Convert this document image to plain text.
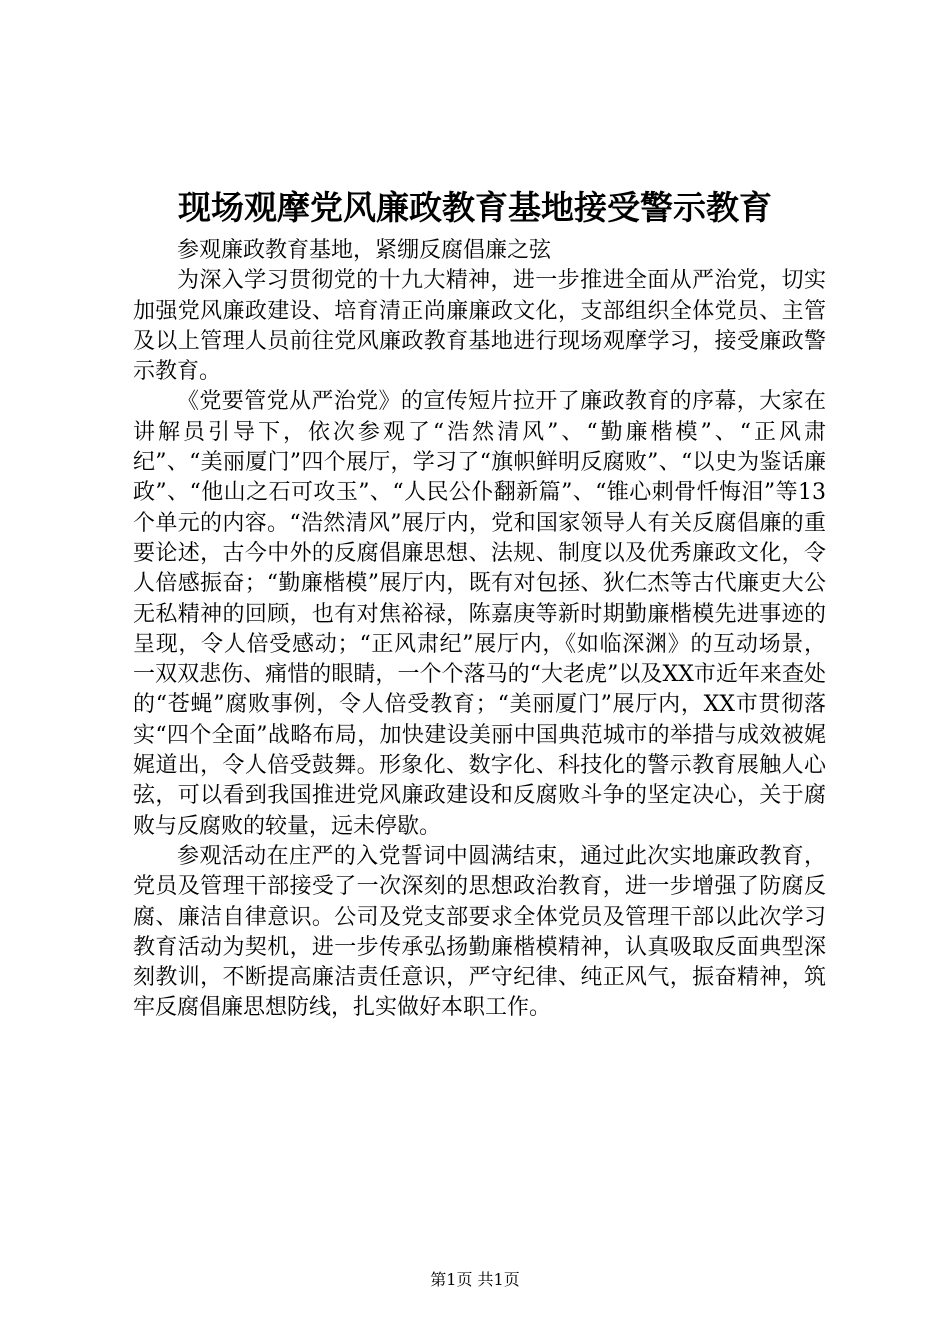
现场观摩党风廉政教育基地接受警示教育

参观廉政教育基地，紧绷反腐倡廉之弦

为深入学习贯彻党的十九大精神，进一步推进全面从严治党，切实加强党风廉政建设、培育清正尚廉廉政文化，支部组织全体党员、主管及以上管理人员前往党风廉政教育基地进行现场观摩学习，接受廉政警示教育。

《党要管党从严治党》的宣传短片拉开了廉政教育的序幕，大家在讲解员引导下，依次参观了“浩然清风”、“勤廉楷模”、“正风肃纪”、“美丽厦门”四个展厅，学习了“旗帜鲜明反腐败”、“以史为鉴话廉政”、“他山之石可攻玉”、“人民公仆翻新篇”、“锥心刺骨忏悔泪”等13个单元的内容。“浩然清风”展厅内，党和国家领导人有关反腐倡廉的重要论述，古今中外的反腐倡廉思想、法规、制度以及优秀廉政文化，令人倍感振奋；“勤廉楷模”展厅内，既有对包拯、狄仁杰等古代廉吏大公无私精神的回顾，也有对焦裕禄，陈嘉庚等新时期勤廉楷模先进事迹的呈现，令人倍受感动；“正风肃纪”展厅内，《如临深渊》的互动场景，一双双悲伤、痛惜的眼睛，一个个落马的“大老虎”以及XX市近年来查处的“苍蝇”腐败事例，令人倍受教育；“美丽厦门”展厅内，XX市贯彻落实“四个全面”战略布局，加快建设美丽中国典范城市的举措与成效被娓娓道出，令人倍受鼓舞。形象化、数字化、科技化的警示教育展触人心弦，可以看到我国推进党风廉政建设和反腐败斗争的坚定决心，关于腐败与反腐败的较量，远未停歇。

参观活动在庄严的入党誓词中圆满结束，通过此次实地廉政教育，党员及管理干部接受了一次深刻的思想政治教育，进一步增强了防腐反腐、廉洁自律意识。公司及党支部要求全体党员及管理干部以此次学习教育活动为契机，进一步传承弘扬勤廉楷模精神，认真吸取反面典型深刻教训，不断提高廉洁责任意识，严守纪律、纯正风气，振奋精神，筑牢反腐倡廉思想防线，扎实做好本职工作。

第1页 共1页
